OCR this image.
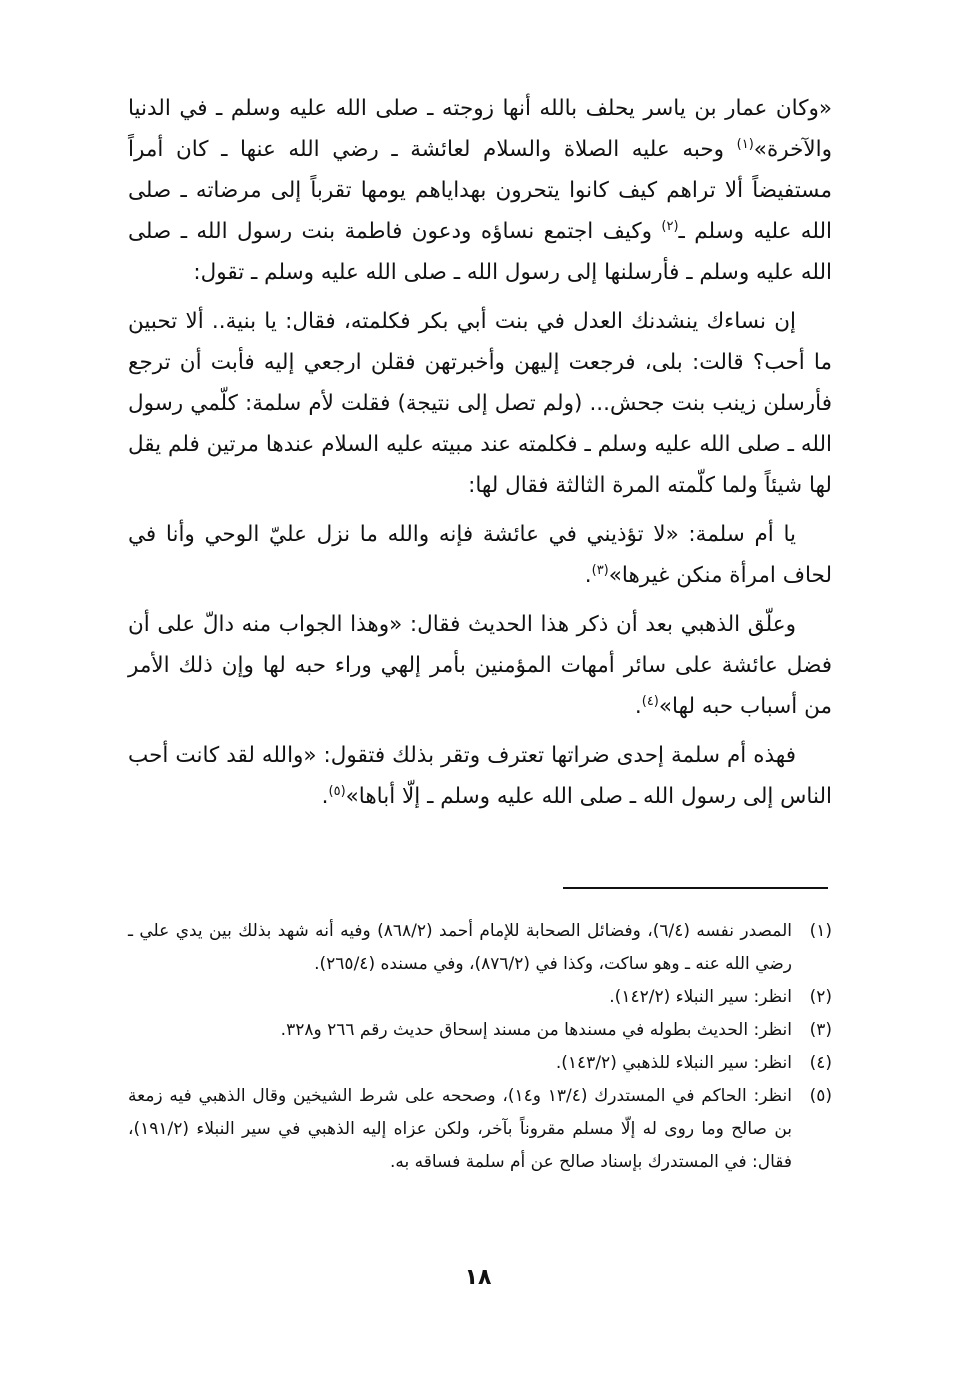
«وكان عمار بن ياسر يحلف بالله أنها زوجته ـ صلى الله عليه وسلم ـ في الدنيا والآخرة»$^{(١)}$ وحبه عليه الصلاة والسلام لعائشة ـ رضي الله عنها ـ كان أمراً مستفيضاً ألا تراهم كيف كانوا يتحرون بهداياهم يومها تقرباً إلى مرضاته ـ صلى الله عليه وسلم ـ$^{(٢)}$ وكيف اجتمع نساؤه ودعون فاطمة بنت رسول الله ـ صلى الله عليه وسلم ـ فأرسلنها إلى رسول الله ـ صلى الله عليه وسلم ـ تقول:

إن نساءك ينشدنك العدل في بنت أبي بكر فكلمته، فقال: يا بنية.. ألا تحبين ما أحب؟ قالت: بلى، فرجعت إليهن وأخبرتهن فقلن ارجعي إليه فأبت أن ترجع فأرسلن زينب بنت جحش... (ولم تصل إلى نتيجة) فقلت لأم سلمة: كلّمي رسول الله ـ صلى الله عليه وسلم ـ فكلمته عند مبيته عليه السلام عندها مرتين فلم يقل لها شيئاً ولما كلّمته المرة الثالثة فقال لها:

يا أم سلمة: «لا تؤذيني في عائشة فإنه والله ما نزل عليّ الوحي وأنا في لحاف امرأة منكن غيرها»$^{(٣)}$.

وعلّق الذهبي بعد أن ذكر هذا الحديث فقال: «وهذا الجواب منه دالّ على أن فضل عائشة على سائر أمهات المؤمنين بأمر إلهي وراء حبه لها وإن ذلك الأمر من أسباب حبه لها»$^{(٤)}$.

فهذه أم سلمة إحدى ضراتها تعترف وتقر بذلك فتقول: «والله لقد كانت أحب الناس إلى رسول الله ـ صلى الله عليه وسلم ـ إلّا أباها»$^{(٥)}$.

(١)
المصدر نفسه (٦/٤)، وفضائل الصحابة للإمام أحمد (٨٦٨/٢) وفيه أنه شهد بذلك بين يدي علي ـ رضي الله عنه ـ وهو ساكت، وكذا في (٨٧٦/٢)، وفي مسنده (٢٦٥/٤).
(٢)
انظر: سير النبلاء (١٤٢/٢).
(٣)
انظر: الحديث بطوله في مسندها من مسند إسحاق حديث رقم ٢٦٦ و٣٢٨.
(٤)
انظر: سير النبلاء للذهبي (١٤٣/٢).
(٥)
انظر: الحاكم في المستدرك (١٣/٤ و١٤)، وصححه على شرط الشيخين وقال الذهبي فيه زمعة بن صالح وما روى له إلّا مسلم مقروناً بآخر، ولكن عزاه إليه الذهبي في سير النبلاء (١٩١/٢)، فقال: في المستدرك بإسناد صالح عن أم سلمة فساقه به.
١٨
